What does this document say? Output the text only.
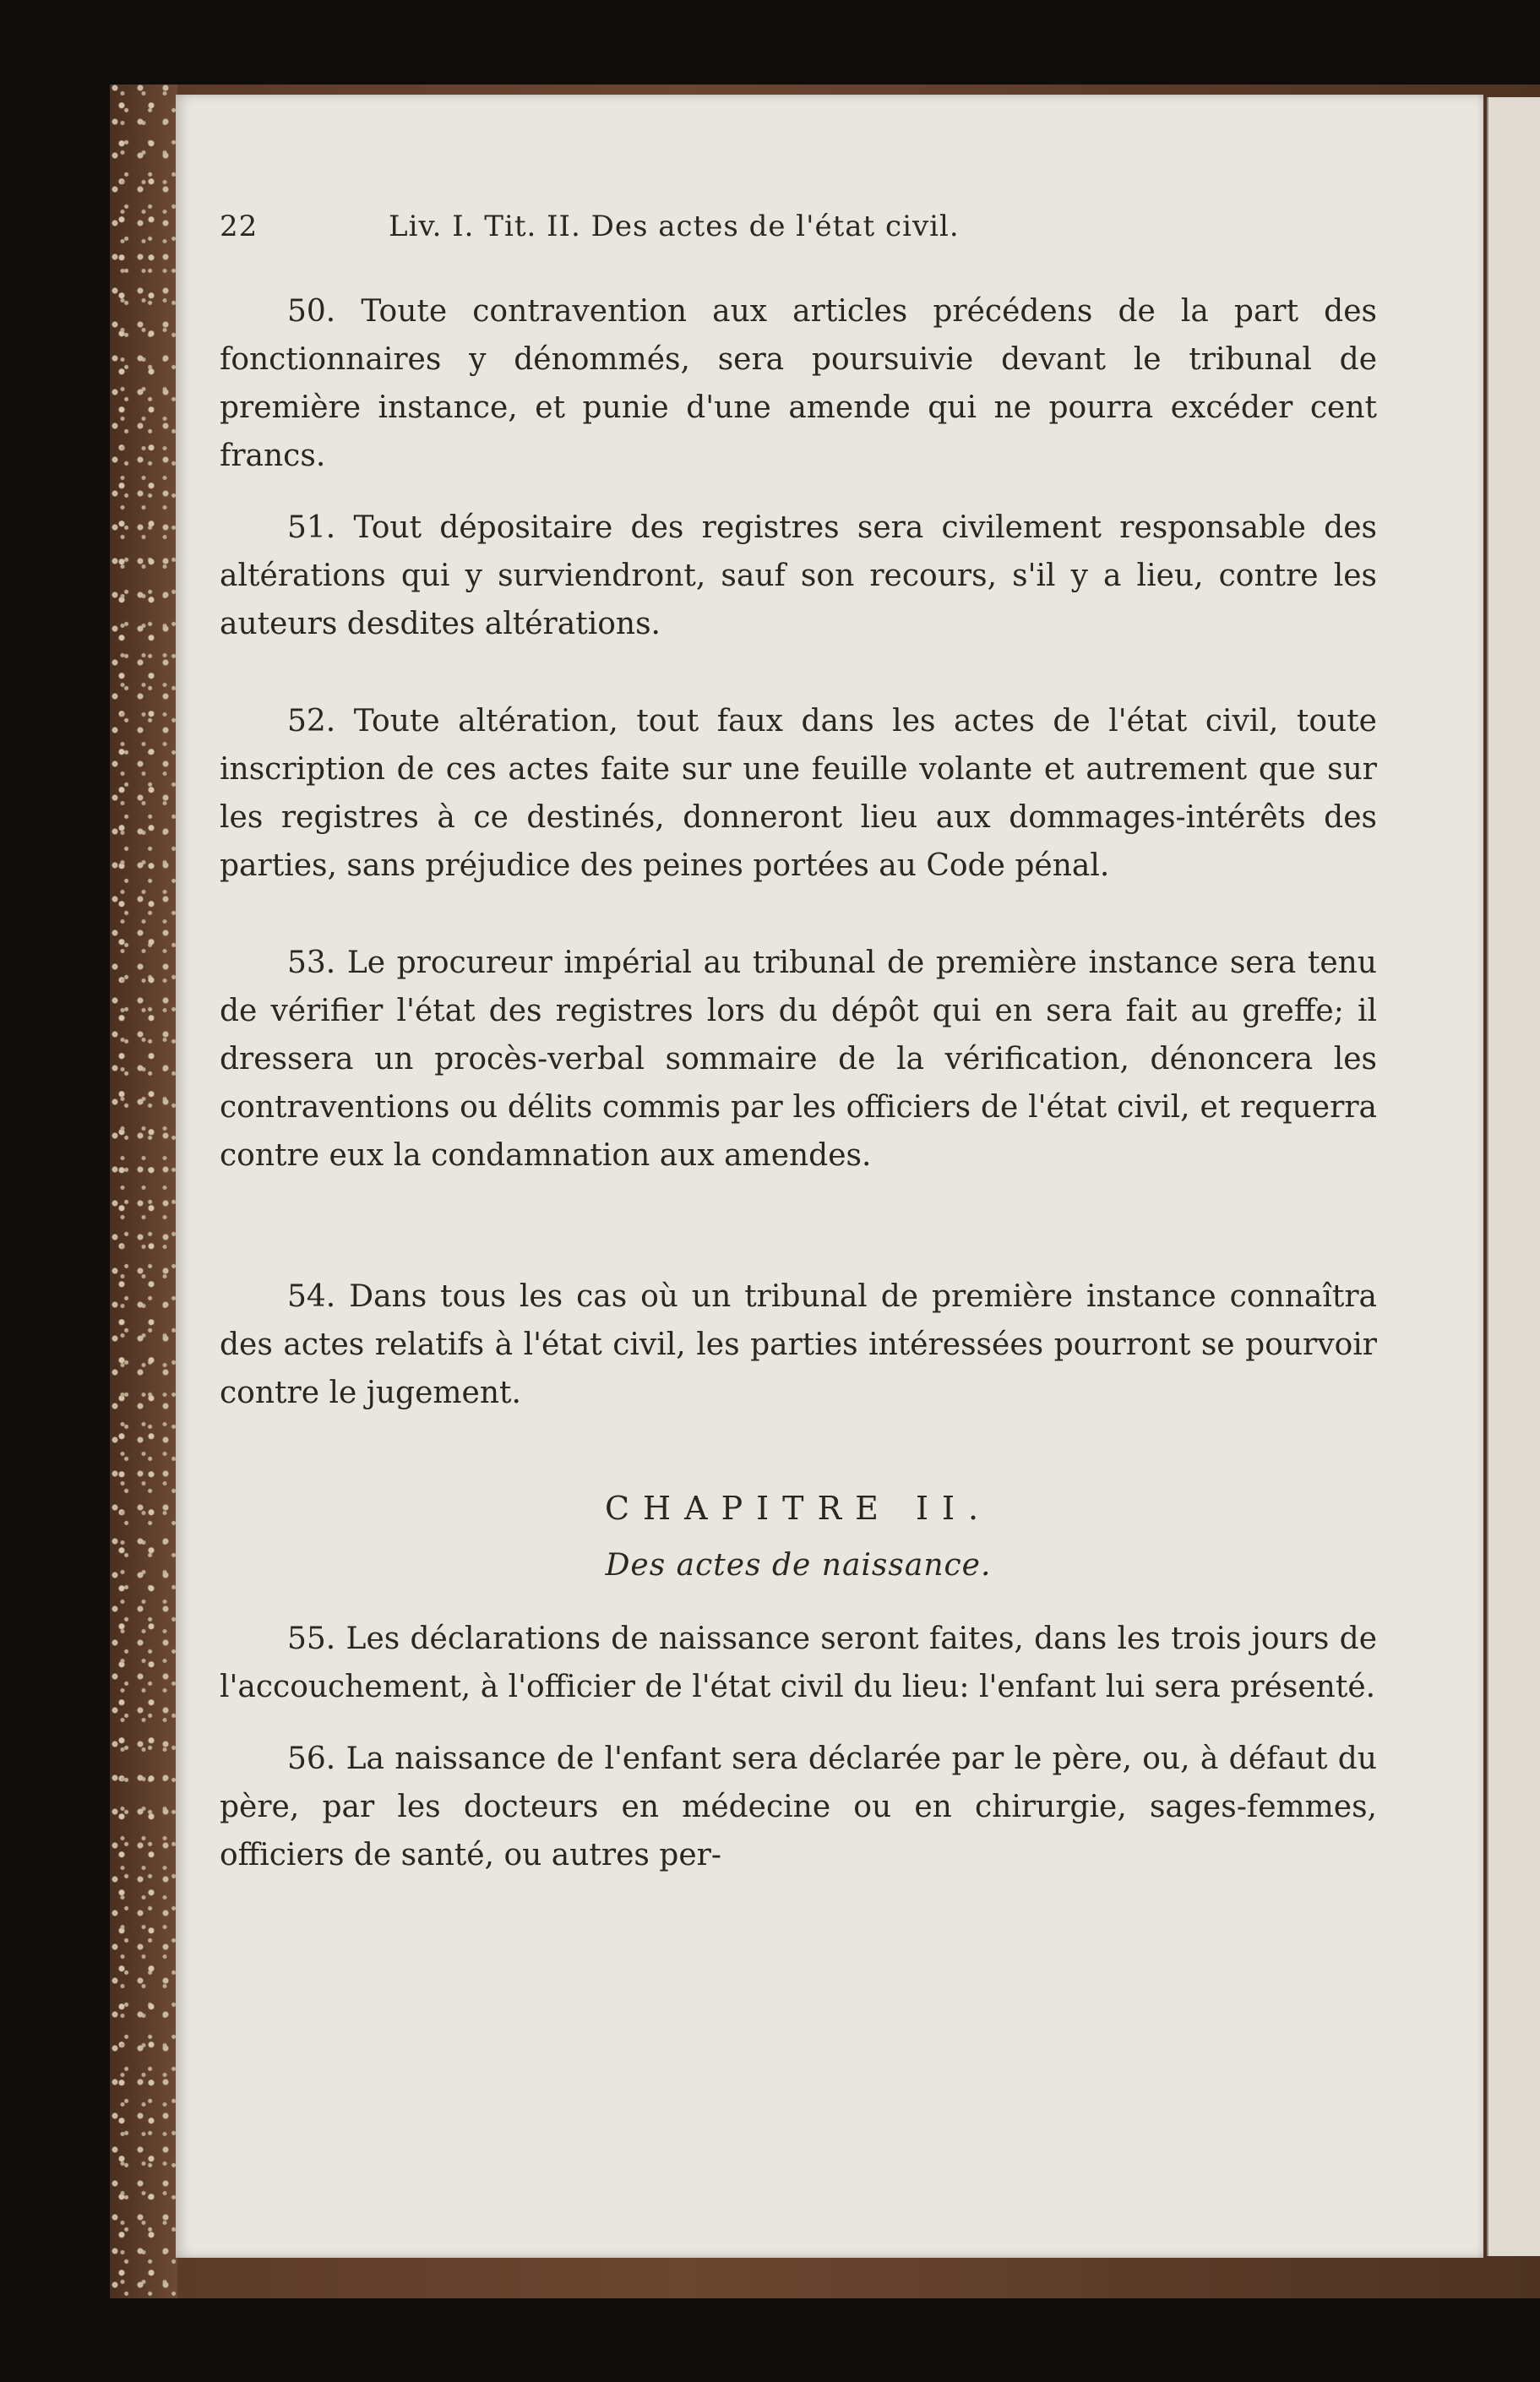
22	Liv. I. Tit. II. Des actes de l'état civil.

50. Toute contravention aux articles précédens de la part des fonctionnaires y dénommés, sera poursuivie devant le tribunal de première instance, et punie d'une amende qui ne pourra excéder cent francs.

51. Tout dépositaire des registres sera civilement responsable des altérations qui y surviendront, sauf son recours, s'il y a lieu, contre les auteurs desdites altérations.

52. Toute altération, tout faux dans les actes de l'état civil, toute inscription de ces actes faite sur une feuille volante et autrement que sur les registres à ce destinés, donneront lieu aux dommages-intérêts des parties, sans préjudice des peines portées au Code pénal.

53. Le procureur impérial au tribunal de première instance sera tenu de vérifier l'état des registres lors du dépôt qui en sera fait au greffe; il dressera un procès-verbal sommaire de la vérification, dénoncera les contraventions ou délits commis par les officiers de l'état civil, et requerra contre eux la condamnation aux amendes.

54. Dans tous les cas où un tribunal de première instance connaîtra des actes relatifs à l'état civil, les parties intéressées pourront se pourvoir contre le jugement.

CHAPITRE II.
Des actes de naissance.

55. Les déclarations de naissance seront faites, dans les trois jours de l'accouchement, à l'officier de l'état civil du lieu: l'enfant lui sera présenté.

56. La naissance de l'enfant sera déclarée par le père, ou, à défaut du père, par les docteurs en médecine ou en chirurgie, sages-femmes, officiers de santé, ou autres per-
